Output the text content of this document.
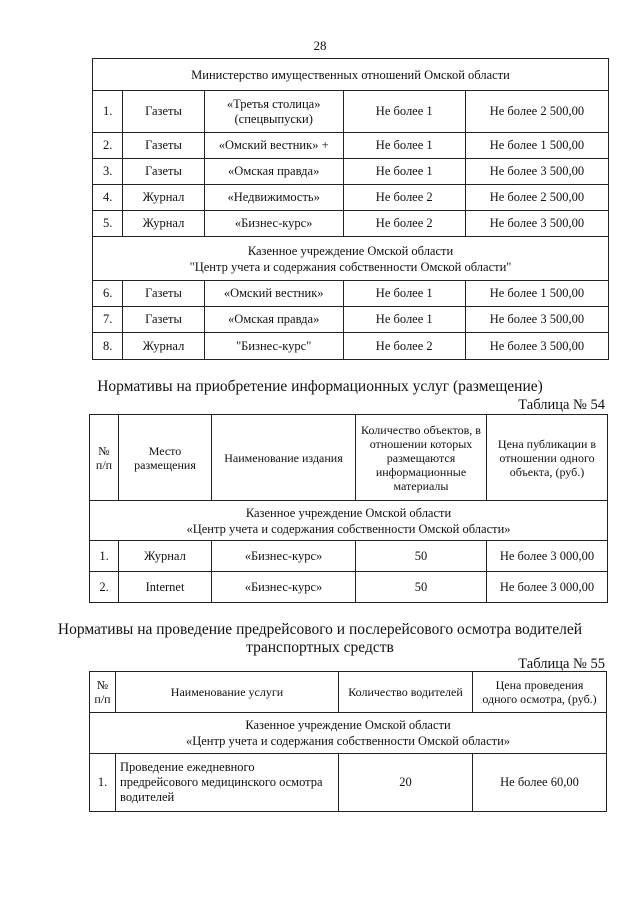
28
Министерство имущественных отношений Омской области				
1.	Газеты	«Третья столица» (спецвыпуски)	Не более 1	Не более 2 500,00
2.	Газеты	«Омский вестник» +	Не более 1	Не более 1 500,00
3.	Газеты	«Омская правда»	Не более 1	Не более 3 500,00
4.	Журнал	«Недвижимость»	Не более 2	Не более 2 500,00
5.	Журнал	«Бизнес-курс»	Не более 2	Не более 3 500,00

Казенное учреждение Омской области
"Центр учета и содержания собственности Омской области"				

6.	Газеты	«Омский вестник»	Не более 1	Не более 1 500,00
7.	Газеты	«Омская правда»	Не более 1	Не более 3 500,00
8.	Журнал	"Бизнес-курс"	Не более 2	Не более 3 500,00
Нормативы на приобретение информационных услуг (размещение)
Таблица № 54
№ п/п	Место размещения	Наименование издания	Количество объектов, в отношении которых размещаются информационные материалы	Цена публикации в отношении одного объекта, (руб.)

Казенное учреждение Омской области
«Центр учета и содержания собственности Омской области»				

1.	Журнал	«Бизнес-курс»	50	Не более 3 000,00
2.	Internet	«Бизнес-курс»	50	Не более 3 000,00
Нормативы на проведение предрейсового и послерейсового осмотра водителей
транспортных средств
Таблица № 55
№ п/п	Наименование услуги	Количество водителей	Цена проведения одного осмотра, (руб.)

Казенное учреждение Омской области
«Центр учета и содержания собственности Омской области»			

1.	Проведение ежедневного предрейсового медицинского осмотра водителей	20	Не более 60,00
